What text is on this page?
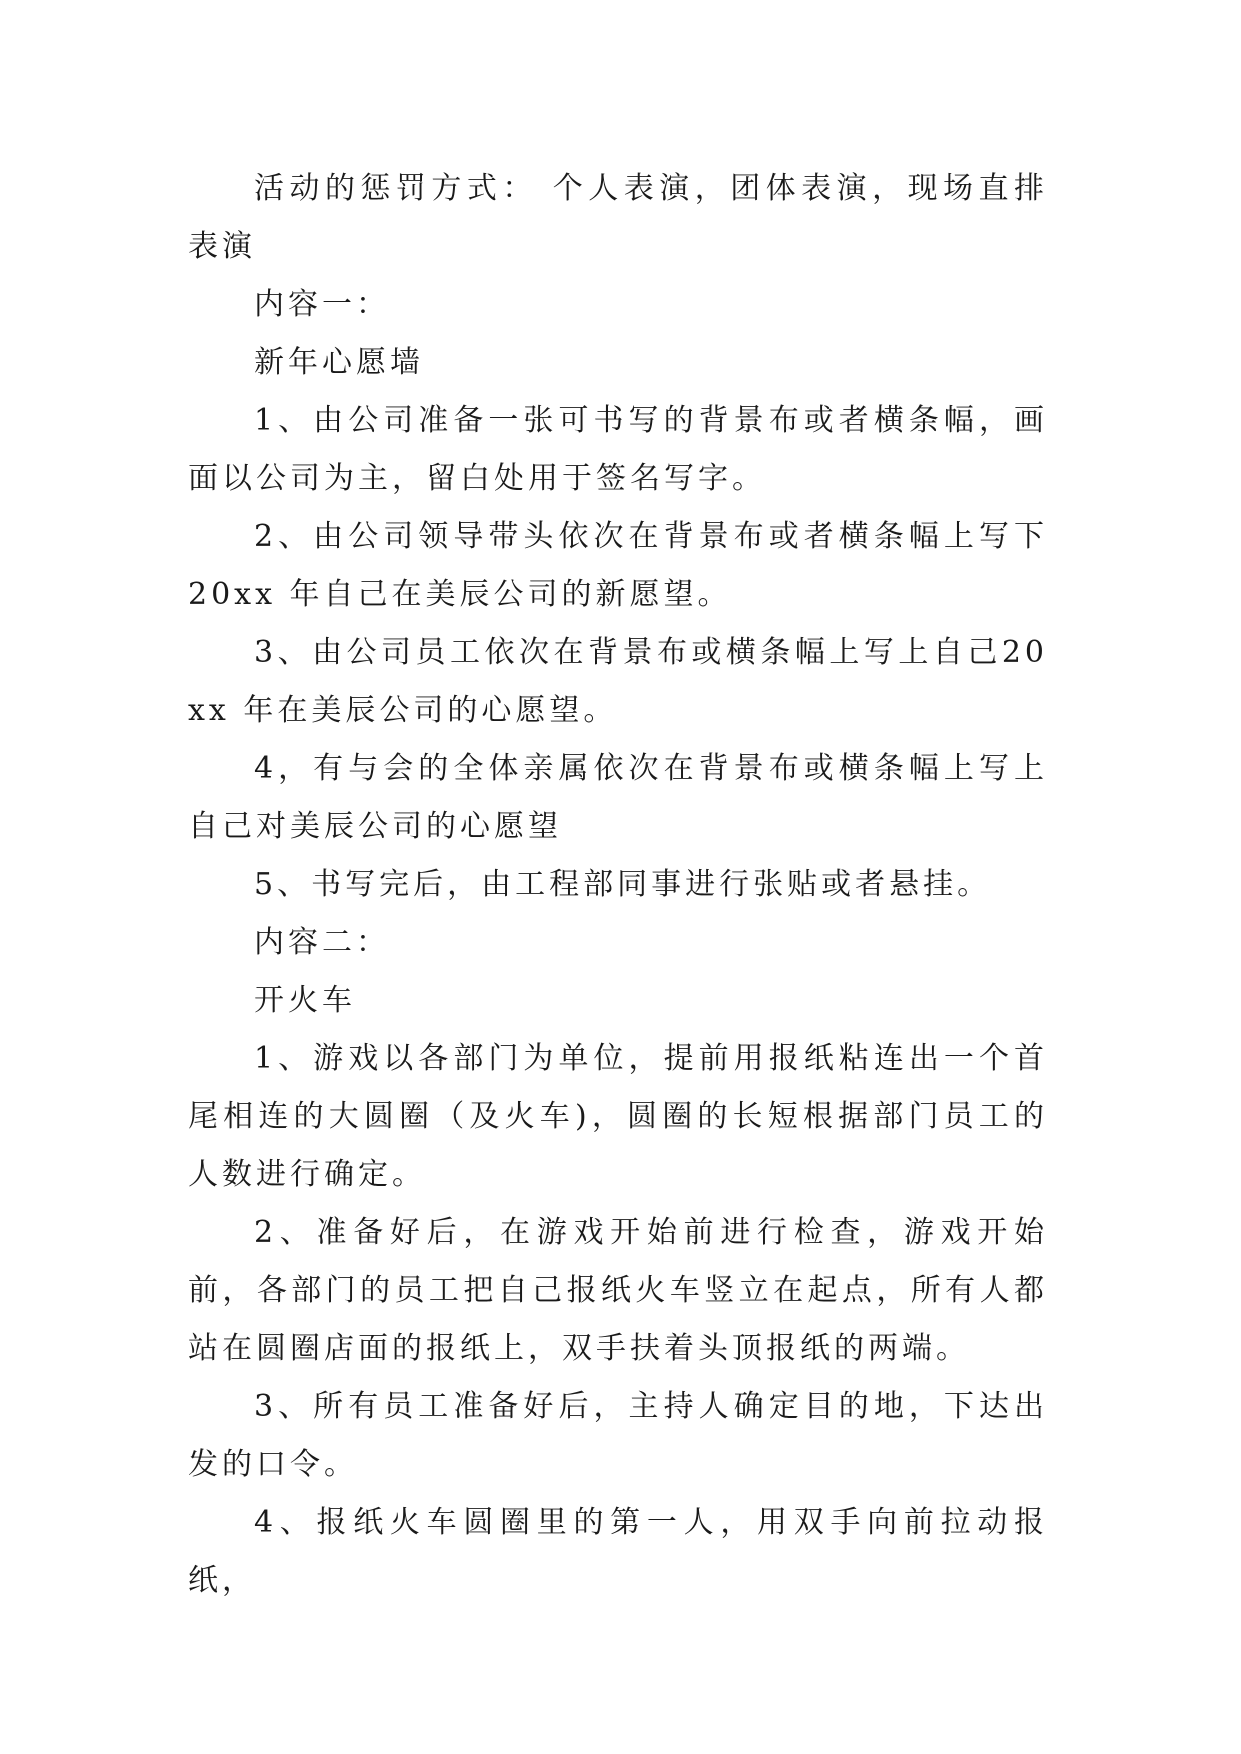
活动的惩罚方式： 个人表演，团体表演，现场直排表演

内容一：

新年心愿墙

1、由公司准备一张可书写的背景布或者横条幅，画面以公司为主，留白处用于签名写字。

2、由公司领导带头依次在背景布或者横条幅上写下20xx 年自己在美辰公司的新愿望。

3、由公司员工依次在背景布或横条幅上写上自己20xx 年在美辰公司的心愿望。

4，有与会的全体亲属依次在背景布或横条幅上写上自己对美辰公司的心愿望

5、书写完后，由工程部同事进行张贴或者悬挂。

内容二：

开火车

1、游戏以各部门为单位，提前用报纸粘连出一个首尾相连的大圆圈（及火车)，圆圈的长短根据部门员工的人数进行确定。

2、准备好后，在游戏开始前进行检查，游戏开始前，各部门的员工把自己报纸火车竖立在起点，所有人都站在圆圈店面的报纸上，双手扶着头顶报纸的两端。

3、所有员工准备好后，主持人确定目的地，下达出发的口令。

4、报纸火车圆圈里的第一人，用双手向前拉动报纸，
